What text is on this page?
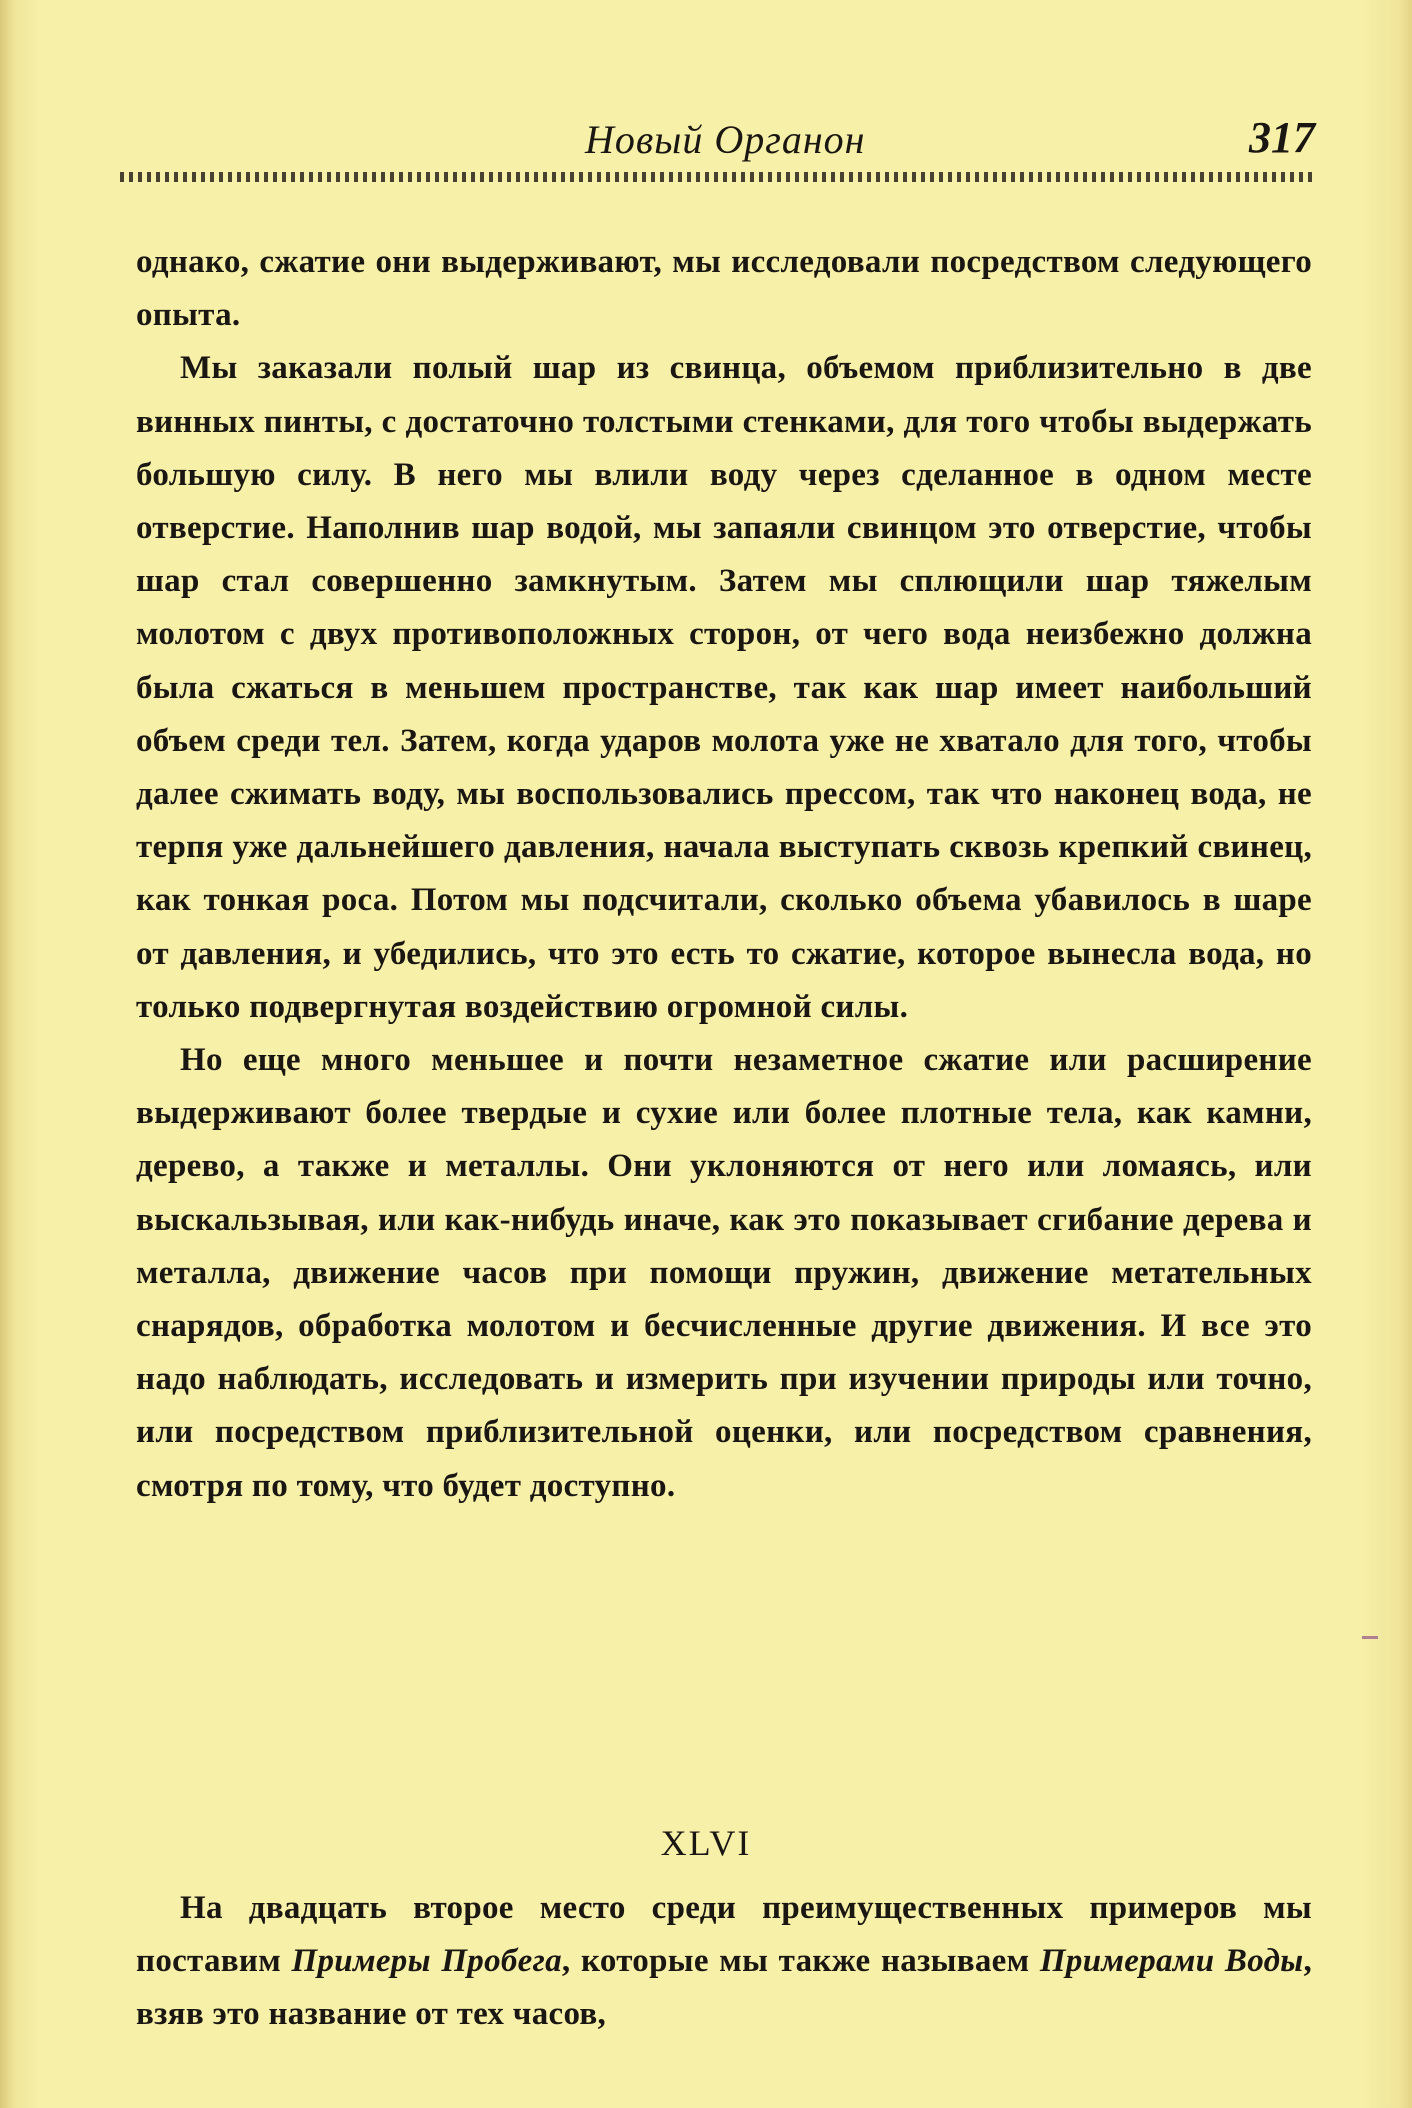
Новый Органон	317

однако, сжатие они выдерживают, мы исследовали посредством следующего опыта.

Мы заказали полый шар из свинца, объемом приблизительно в две винных пинты, с достаточно толстыми стенками, для того чтобы выдержать большую силу. В него мы влили воду через сделанное в одном месте отверстие. Наполнив шар водой, мы запаяли свинцом это отверстие, чтобы шар стал совершенно замкнутым. Затем мы сплющили шар тяжелым молотом с двух противоположных сторон, от чего вода неизбежно должна была сжаться в меньшем пространстве, так как шар имеет наибольший объем среди тел. Затем, когда ударов молота уже не хватало для того, чтобы далее сжимать воду, мы воспользовались прессом, так что наконец вода, не терпя уже дальнейшего давления, начала выступать сквозь крепкий свинец, как тонкая роса. Потом мы подсчитали, сколько объема убавилось в шаре от давления, и убедились, что это есть то сжатие, которое вынесла вода, но только подвергнутая воздействию огромной силы.

Но еще много меньшее и почти незаметное сжатие или расширение выдерживают более твердые и сухие или более плотные тела, как камни, дерево, а также и металлы. Они уклоняются от него или ломаясь, или выскальзывая, или как-нибудь иначе, как это показывает сгибание дерева и металла, движение часов при помощи пружин, движение метательных снарядов, обработка молотом и бесчисленные другие движения. И все это надо наблюдать, исследовать и измерить при изучении природы или точно, или посредством приблизительной оценки, или посредством сравнения, смотря по тому, что будет доступно.

XLVI

На двадцать второе место среди преимущественных примеров мы поставим Примеры Пробега, которые мы также называем Примерами Воды, взяв это название от тех часов,
